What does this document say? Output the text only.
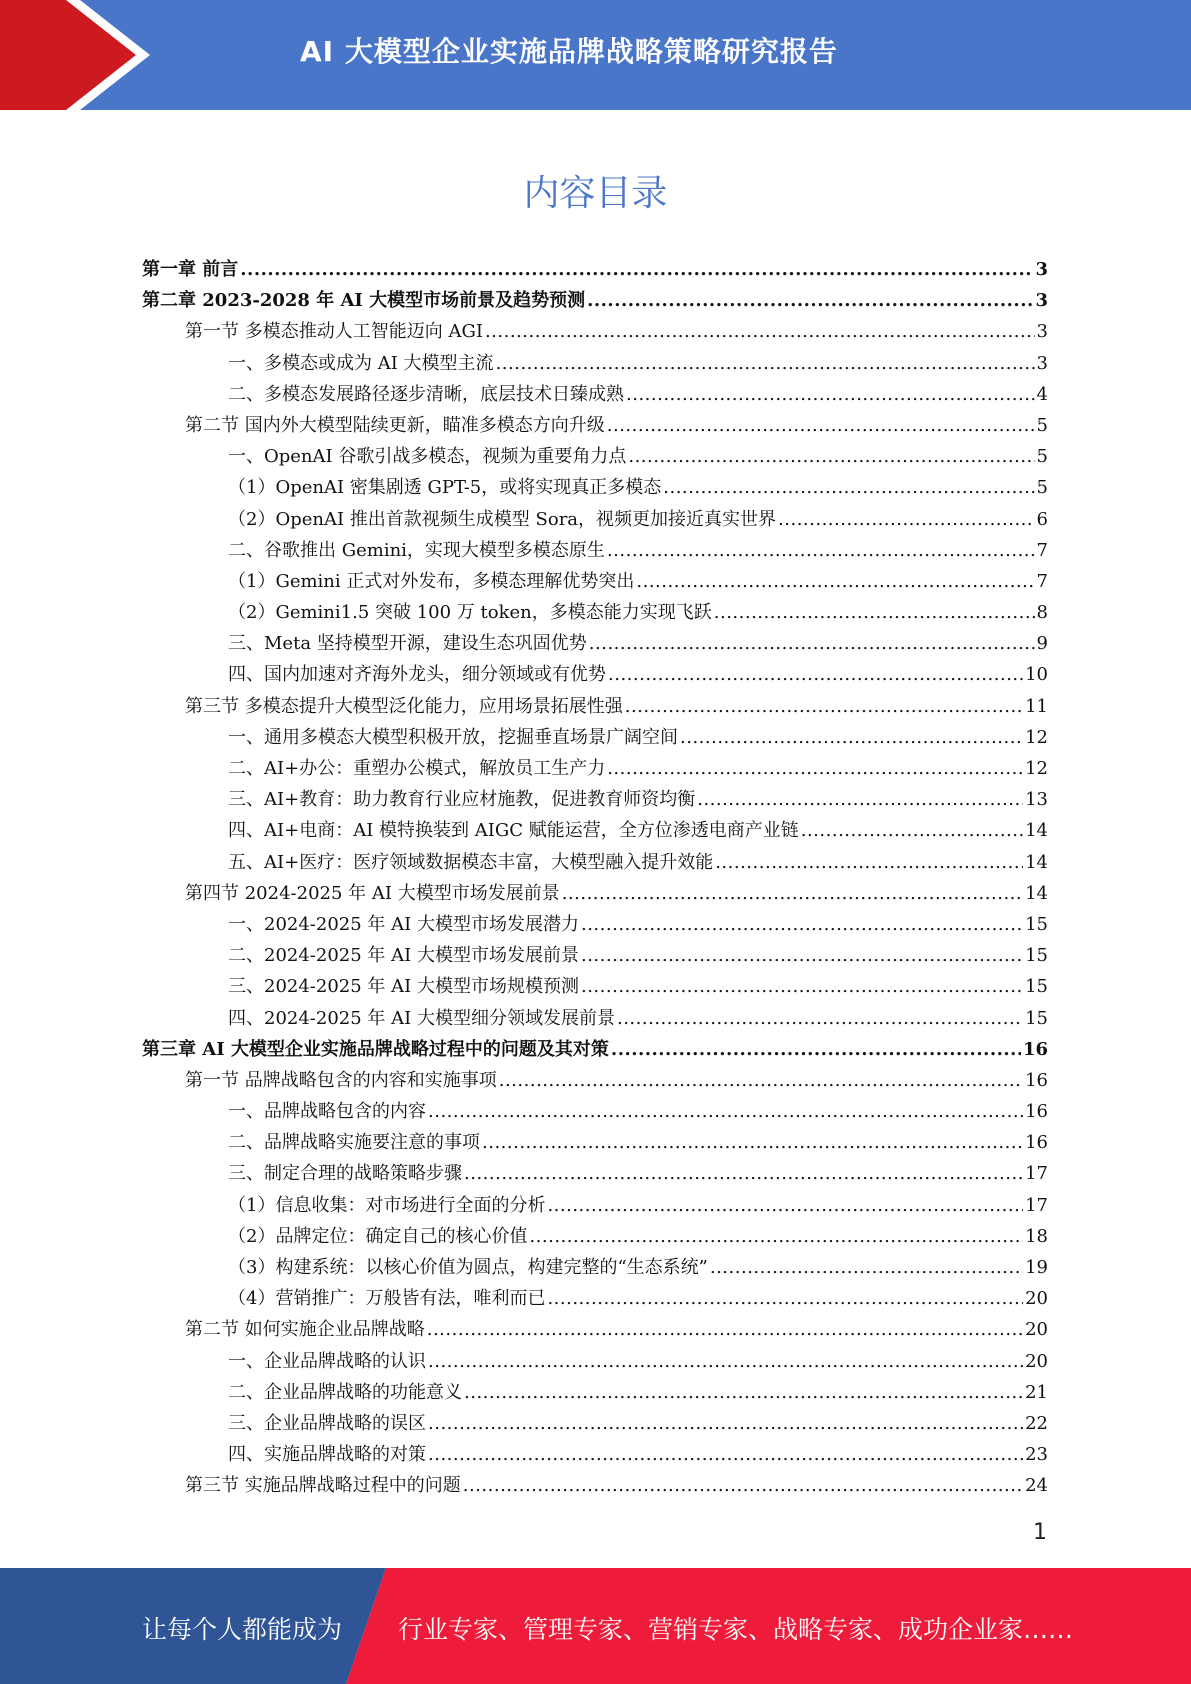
AI 大模型企业实施品牌战略策略研究报告
内容目录
第一章 前言 .....	3
第二章 2023-2028 年 AI 大模型市场前景及趋势预测 .....	3
第一节 多模态推动人工智能迈向 AGI .....	3
一、多模态或成为 AI 大模型主流 .....	3
二、多模态发展路径逐步清晰，底层技术日臻成熟 .....	4
第二节 国内外大模型陆续更新，瞄准多模态方向升级 .....	5
一、OpenAI 谷歌引战多模态，视频为重要角力点 .....	5
（1）OpenAI 密集剧透 GPT-5，或将实现真正多模态 .....	5
（2）OpenAI 推出首款视频生成模型 Sora，视频更加接近真实世界 .....	6
二、谷歌推出 Gemini，实现大模型多模态原生 .....	7
（1）Gemini 正式对外发布，多模态理解优势突出 .....	7
（2）Gemini1.5 突破 100 万 token，多模态能力实现飞跃 .....	8
三、Meta 坚持模型开源，建设生态巩固优势 .....	9
四、国内加速对齐海外龙头，细分领域或有优势 .....	10
第三节 多模态提升大模型泛化能力，应用场景拓展性强 .....	11
一、通用多模态大模型积极开放，挖掘垂直场景广阔空间 .....	12
二、AI+办公：重塑办公模式，解放员工生产力 .....	12
三、AI+教育：助力教育行业应材施教，促进教育师资均衡 .....	13
四、AI+电商：AI 模特换装到 AIGC 赋能运营，全方位渗透电商产业链 .....	14
五、AI+医疗：医疗领域数据模态丰富，大模型融入提升效能 .....	14
第四节 2024-2025 年 AI 大模型市场发展前景 .....	14
一、2024-2025 年 AI 大模型市场发展潜力 .....	15
二、2024-2025 年 AI 大模型市场发展前景 .....	15
三、2024-2025 年 AI 大模型市场规模预测 .....	15
四、2024-2025 年 AI 大模型细分领域发展前景 .....	15
第三章 AI 大模型企业实施品牌战略过程中的问题及其对策 .....	16
第一节 品牌战略包含的内容和实施事项 .....	16
一、品牌战略包含的内容 .....	16
二、品牌战略实施要注意的事项 .....	16
三、制定合理的战略策略步骤 .....	17
（1）信息收集：对市场进行全面的分析 .....	17
（2）品牌定位：确定自己的核心价值 .....	18
（3）构建系统：以核心价值为圆点，构建完整的“生态系统” .....	19
（4）营销推广：万般皆有法，唯利而已 .....	20
第二节 如何实施企业品牌战略 .....	20
一、企业品牌战略的认识 .....	20
二、企业品牌战略的功能意义 .....	21
三、企业品牌战略的误区 .....	22
四、实施品牌战略的对策 .....	23
第三节 实施品牌战略过程中的问题 .....	24
1
让每个人都能成为 行业专家、管理专家、营销专家、战略专家、成功企业家……
